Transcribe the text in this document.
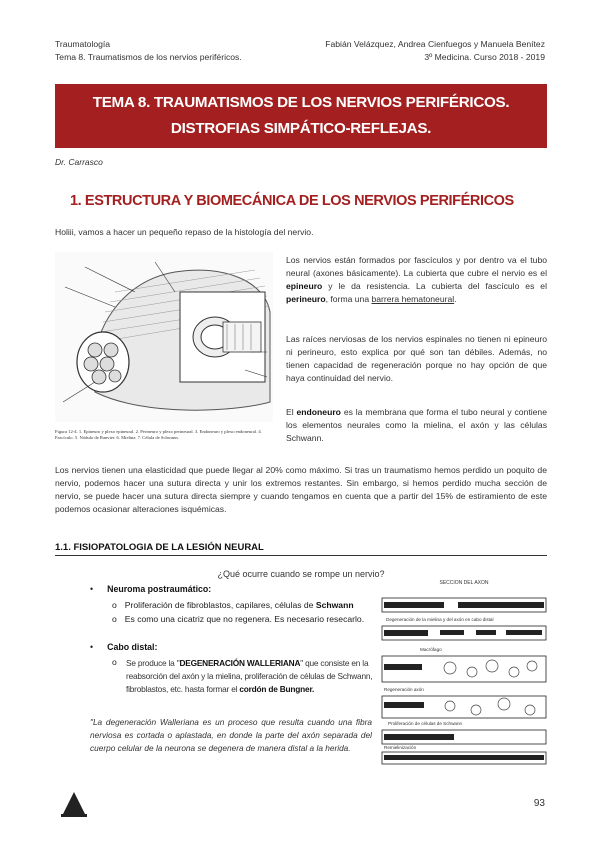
Traumatología
Tema 8. Traumatismos de los nervios periféricos.
Fabián Velázquez, Andrea Cienfuegos y Manuela Benítez
3º Medicina. Curso 2018 - 2019
TEMA 8. TRAUMATISMOS DE LOS NERVIOS PERIFÉRICOS.
DISTROFIAS SIMPÁTICO-REFLEJAS.
Dr. Carrasco
1. ESTRUCTURA Y BIOMECÁNICA DE LOS NERVIOS PERIFÉRICOS
Holiii, vamos a hacer un pequeño repaso de la histología del nervio.
Figura 12-4. 1. Epineuro y plexo epineural. 2. Perineuro y plexo perineural. 3. Endoneuro y plexo endoneural. 4. Fascículo. 5. Nódulo de Ranvier. 6. Mielina. 7. Célula de Schwann.
Los nervios están formados por fascículos y por dentro va el tubo neural (axones básicamente). La cubierta que cubre el nervio es el epineuro y le da resistencia. La cubierta del fascículo es el perineuro, forma una barrera hematoneural.
Las raíces nerviosas de los nervios espinales no tienen ni epineuro ni perineuro, esto explica por qué son tan débiles. Además, no tienen capacidad de regeneración porque no hay opción de que haya continuidad del nervio.
El endoneuro es la membrana que forma el tubo neural y contiene los elementos neurales como la mielina, el axón y las células Schwann.
Los nervios tienen una elasticidad que puede llegar al 20% como máximo. Si tras un traumatismo hemos perdido un poquito de nervio, podemos hacer una sutura directa y unir los extremos restantes. Sin embargo, si hemos perdido mucha sección de nervio, se puede hacer una sutura directa siempre y cuando tengamos en cuenta que a partir del 15% de estiramiento de este podemos ocasionar alteraciones isquémicas.
1.1. FISIOPATOLOGIA DE LA LESIÓN NEURAL
¿Qué ocurre cuando se rompe un nervio?
• Neuroma postraumático:
o Proliferación de fibroblastos, capilares, células de Schwann
o Es como una cicatriz que no regenera. Es necesario resecarlo.
• Cabo distal:
o	Se produce la "DEGENERACIÓN WALLERIANA" que consiste en la reabsorción del axón y la mielina, proliferación de células de Schwann, fibroblastos, etc. hasta formar el cordón de Bungner.
"La degeneración Walleriana es un proceso que resulta cuando una fibra nerviosa es cortada o aplastada, en donde la parte del axón separada del cuerpo celular de la neurona se degenera de manera distal a la herida.
SECCION DEL AXON
Degeneración de la mielina y del axón en cabo distal
Macrófago
Regeneración axón
Proliferación de células de Schwann
Remielinización
93
